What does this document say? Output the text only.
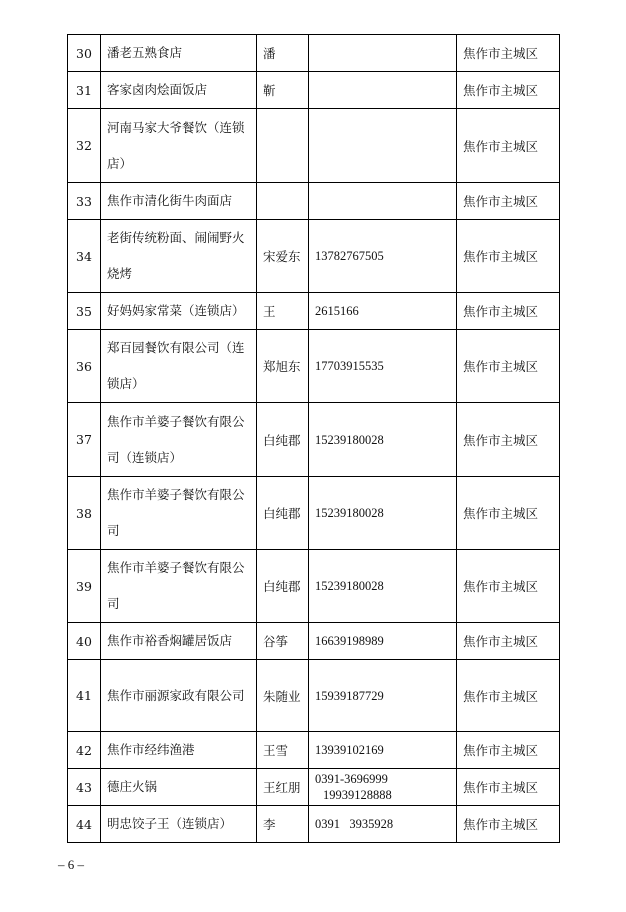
30	潘老五熟食店	潘		焦作市主城区
31	客家卤肉烩面饭店	靳		焦作市主城区
32	河南马家大爷餐饮（连锁店）			焦作市主城区
33	焦作市清化街牛肉面店			焦作市主城区
34	老街传统粉面、闹闹野火烧烤	宋爱东	13782767505	焦作市主城区
35	好妈妈家常菜（连锁店）	王	2615166	焦作市主城区
36	郑百园餐饮有限公司（连锁店）	郑旭东	17703915535	焦作市主城区
37	焦作市羊婆子餐饮有限公司（连锁店）	白纯郡	15239180028	焦作市主城区
38	焦作市羊婆子餐饮有限公司	白纯郡	15239180028	焦作市主城区
39	焦作市羊婆子餐饮有限公司	白纯郡	15239180028	焦作市主城区
40	焦作市裕香焖罐居饭店	谷筝	16639198989	焦作市主城区
41	焦作市丽源家政有限公司	朱随业	15939187729	焦作市主城区
42	焦作市经纬渔港	王雪	13939102169	焦作市主城区
43	德庄火锅	王红朋	0391-3696999
19939128888	焦作市主城区
44	明忠饺子王（连锁店）	李	0391   3935928	焦作市主城区
– 6 –
